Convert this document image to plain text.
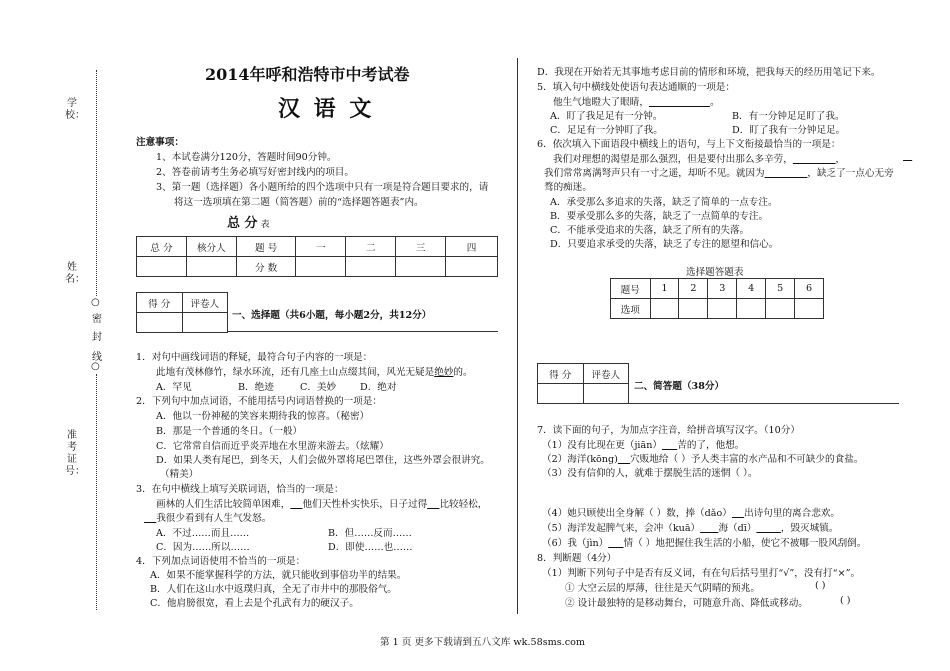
学校：
姓名：
准考证号：
○
密
封
线
○
2014年呼和浩特市中考试卷
汉 语 文
注意事项：
1、本试卷满分120分，答题时间90分钟。
2、答卷前请考生务必填写好密封线内的项目。
3、第一题（选择题）各小题所给的四个选项中只有一项是符合题目要求的，请
将这一选项填在第二题（简答题）前的“选择题答题表”内。
总 分 表
总 分	核分人	题 号	一	二	三	四
		分 数				
得 分	评卷人

一、选择题（共6小题，每小题2分，共12分）
1．对句中画线词语的释疑，最符合句子内容的一项是：
此地有茂林修竹，绿水环流，还有几座土山点缀其间，风光无疑是绝妙的。
A．罕见	B．绝迹	C．美妙 D．绝对
2．下列句中加点词语，不能用括号内词语替换的一项是：
A．他以一份神秘的笑容来期待我的惊喜。（秘密）
B．那是一个普通的冬日。（一般）
C．它常常自信而近乎炎弄地在水里游来游去。（炫耀）
D．如果人类有尾巴，到冬天，人们会做外罩将尾巴罩住，这些外罩会很讲究。
（精美）
3．在句中横线上填写关联词语，恰当的一项是：
画林的人们生活比较简单困难， 他们天性朴实快乐，日子过得 比较轻松，
我很少看到有人生气发怒。
A．不过……而且……	B．但……反而……
C．因为……所以……	D．即使……也……
4．下列加点词语使用不恰当的一项是：
A．如果不能掌握科学的方法，就只能收到事倍功半的结果。
B．人们在这山水中返璞归真，全无了市井中的那股俗气。
C．他肩膀很宽，看上去是个孔武有力的硬汉子。
D．我现在开始若无其事地考虑目前的情形和环境，把我每天的经历用笔记下来。
5．填入句中横线处使语句表达通顺的一项是：
他生气地瞪大了眼睛，	。
A．盯了我足足有一分钟。	B．有一分钟足足盯了我。
C．足足有一分钟盯了我。	D．盯了我有一分钟足足。
6．依次填入下面语段中横线上的语句，与上下文衔接最恰当的一项是：
我们对理想的渴望是那么强烈，但是要付出那么多辛劳，	，

我们常常离满弩声只有一寸之遥，却昕不见。就因为	，缺乏了一点心无旁
骛的痴迷。
A．承受那么多追求的失落，缺乏了简单的一点专注。
B．要承受那么多的失落，缺乏了一点简单的专注。
C．不能承受追求的失落，缺乏了所有的失落。
D．只要追求承受的失落，缺乏了专注的愿望和信心。
选择题答题表
题号	1	2	3	4	5	6
选项						
得 分	评卷人

二、简答题（38分）
7．读下面的句子，为加点字注音，给拼音填写汉字。（10分）
（1）没有比现在更（jiān） 苦的了，他想。
（2）海洋(kōng) 穴贩地给（ ）予人类丰富的水产品和不可缺少的食盐。
（3）没有信仰的人，就难于摆脱生活的迷惘（ ）。
（4）她只顾使出全身解（ ）数，捧（dǎo） 出诗句里的离合悲欢。
（5）海洋发起脾气来，会冲（kuā） 海（dī）	，毁灭城镇。
（6）我（jìn） 情（ ）地把握住我生活的小船，使它不被哪一股风刮倒。
8．判断题（4分）
（1）判断下列句子中是否有反义词，有在句后括号里打“√”，没有打“×”。
① 大空云层的厚薄，往往是天气阴晴的预兆。	( )
② 设计最独特的是移动舞台，可随意升高、降低或移动。	( )
第 1 页 更多下载请到五八文库 wk.58sms.com
